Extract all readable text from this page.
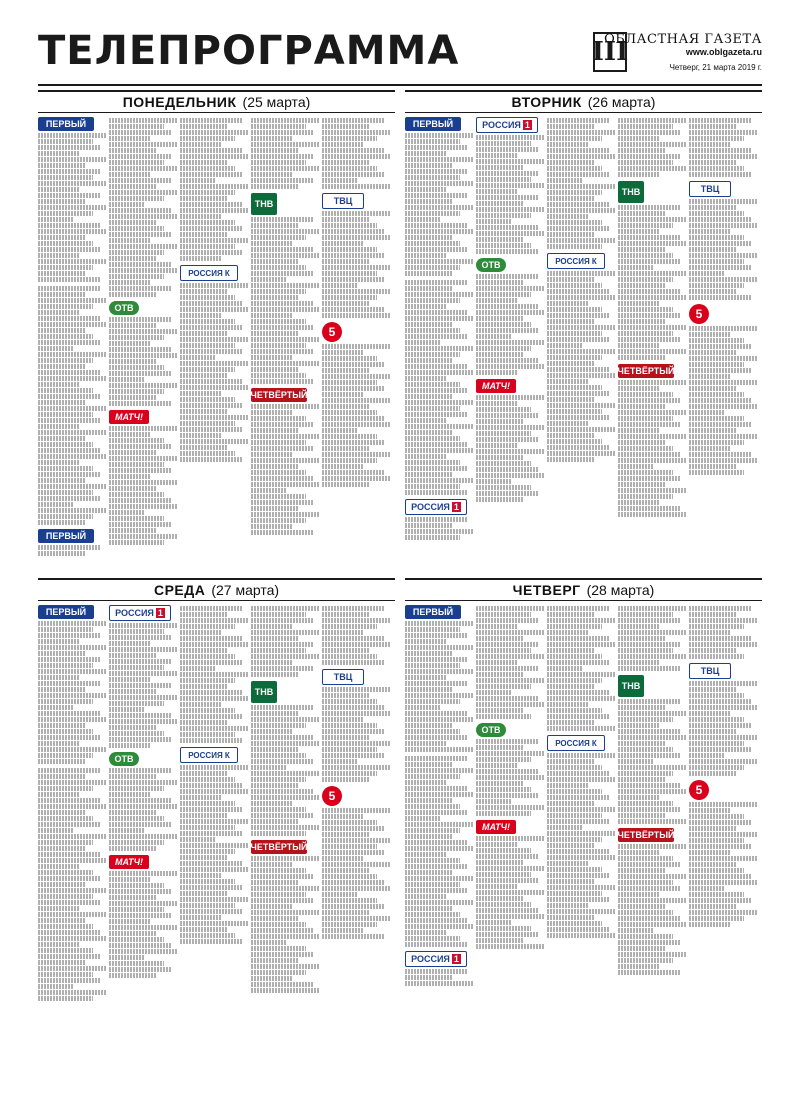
ТЕЛЕПРОГРАММА	III
ОБЛАСТНАЯ ГАЗЕТА
www.oblgazeta.ru
Четверг, 21 марта 2019 г.
ПОНЕДЕЛЬНИК (25 марта)
ПЕРВЫЙ
ПЕРВЫЙ
ОТВ
МАТЧ!
РОССИЯ К
ТНВ
ЧЕТВЁРТЫЙ
ТВЦ
5
ВТОРНИК (26 марта)
ПЕРВЫЙ
РОССИЯ 1
РОССИЯ 1
ОТВ
МАТЧ!
РОССИЯ К
ТНВ
ЧЕТВЁРТЫЙ
ТВЦ
5
СРЕДА (27 марта)
ПЕРВЫЙ	РОССИЯ 1
ОТВ
МАТЧ!
РОССИЯ К
ТНВ
ЧЕТВЁРТЫЙ
ТВЦ
5
ЧЕТВЕРГ (28 марта)
ПЕРВЫЙ
РОССИЯ 1
ОТВ
МАТЧ!
РОССИЯ К
ТНВ
ЧЕТВЁРТЫЙ
ТВЦ
5
